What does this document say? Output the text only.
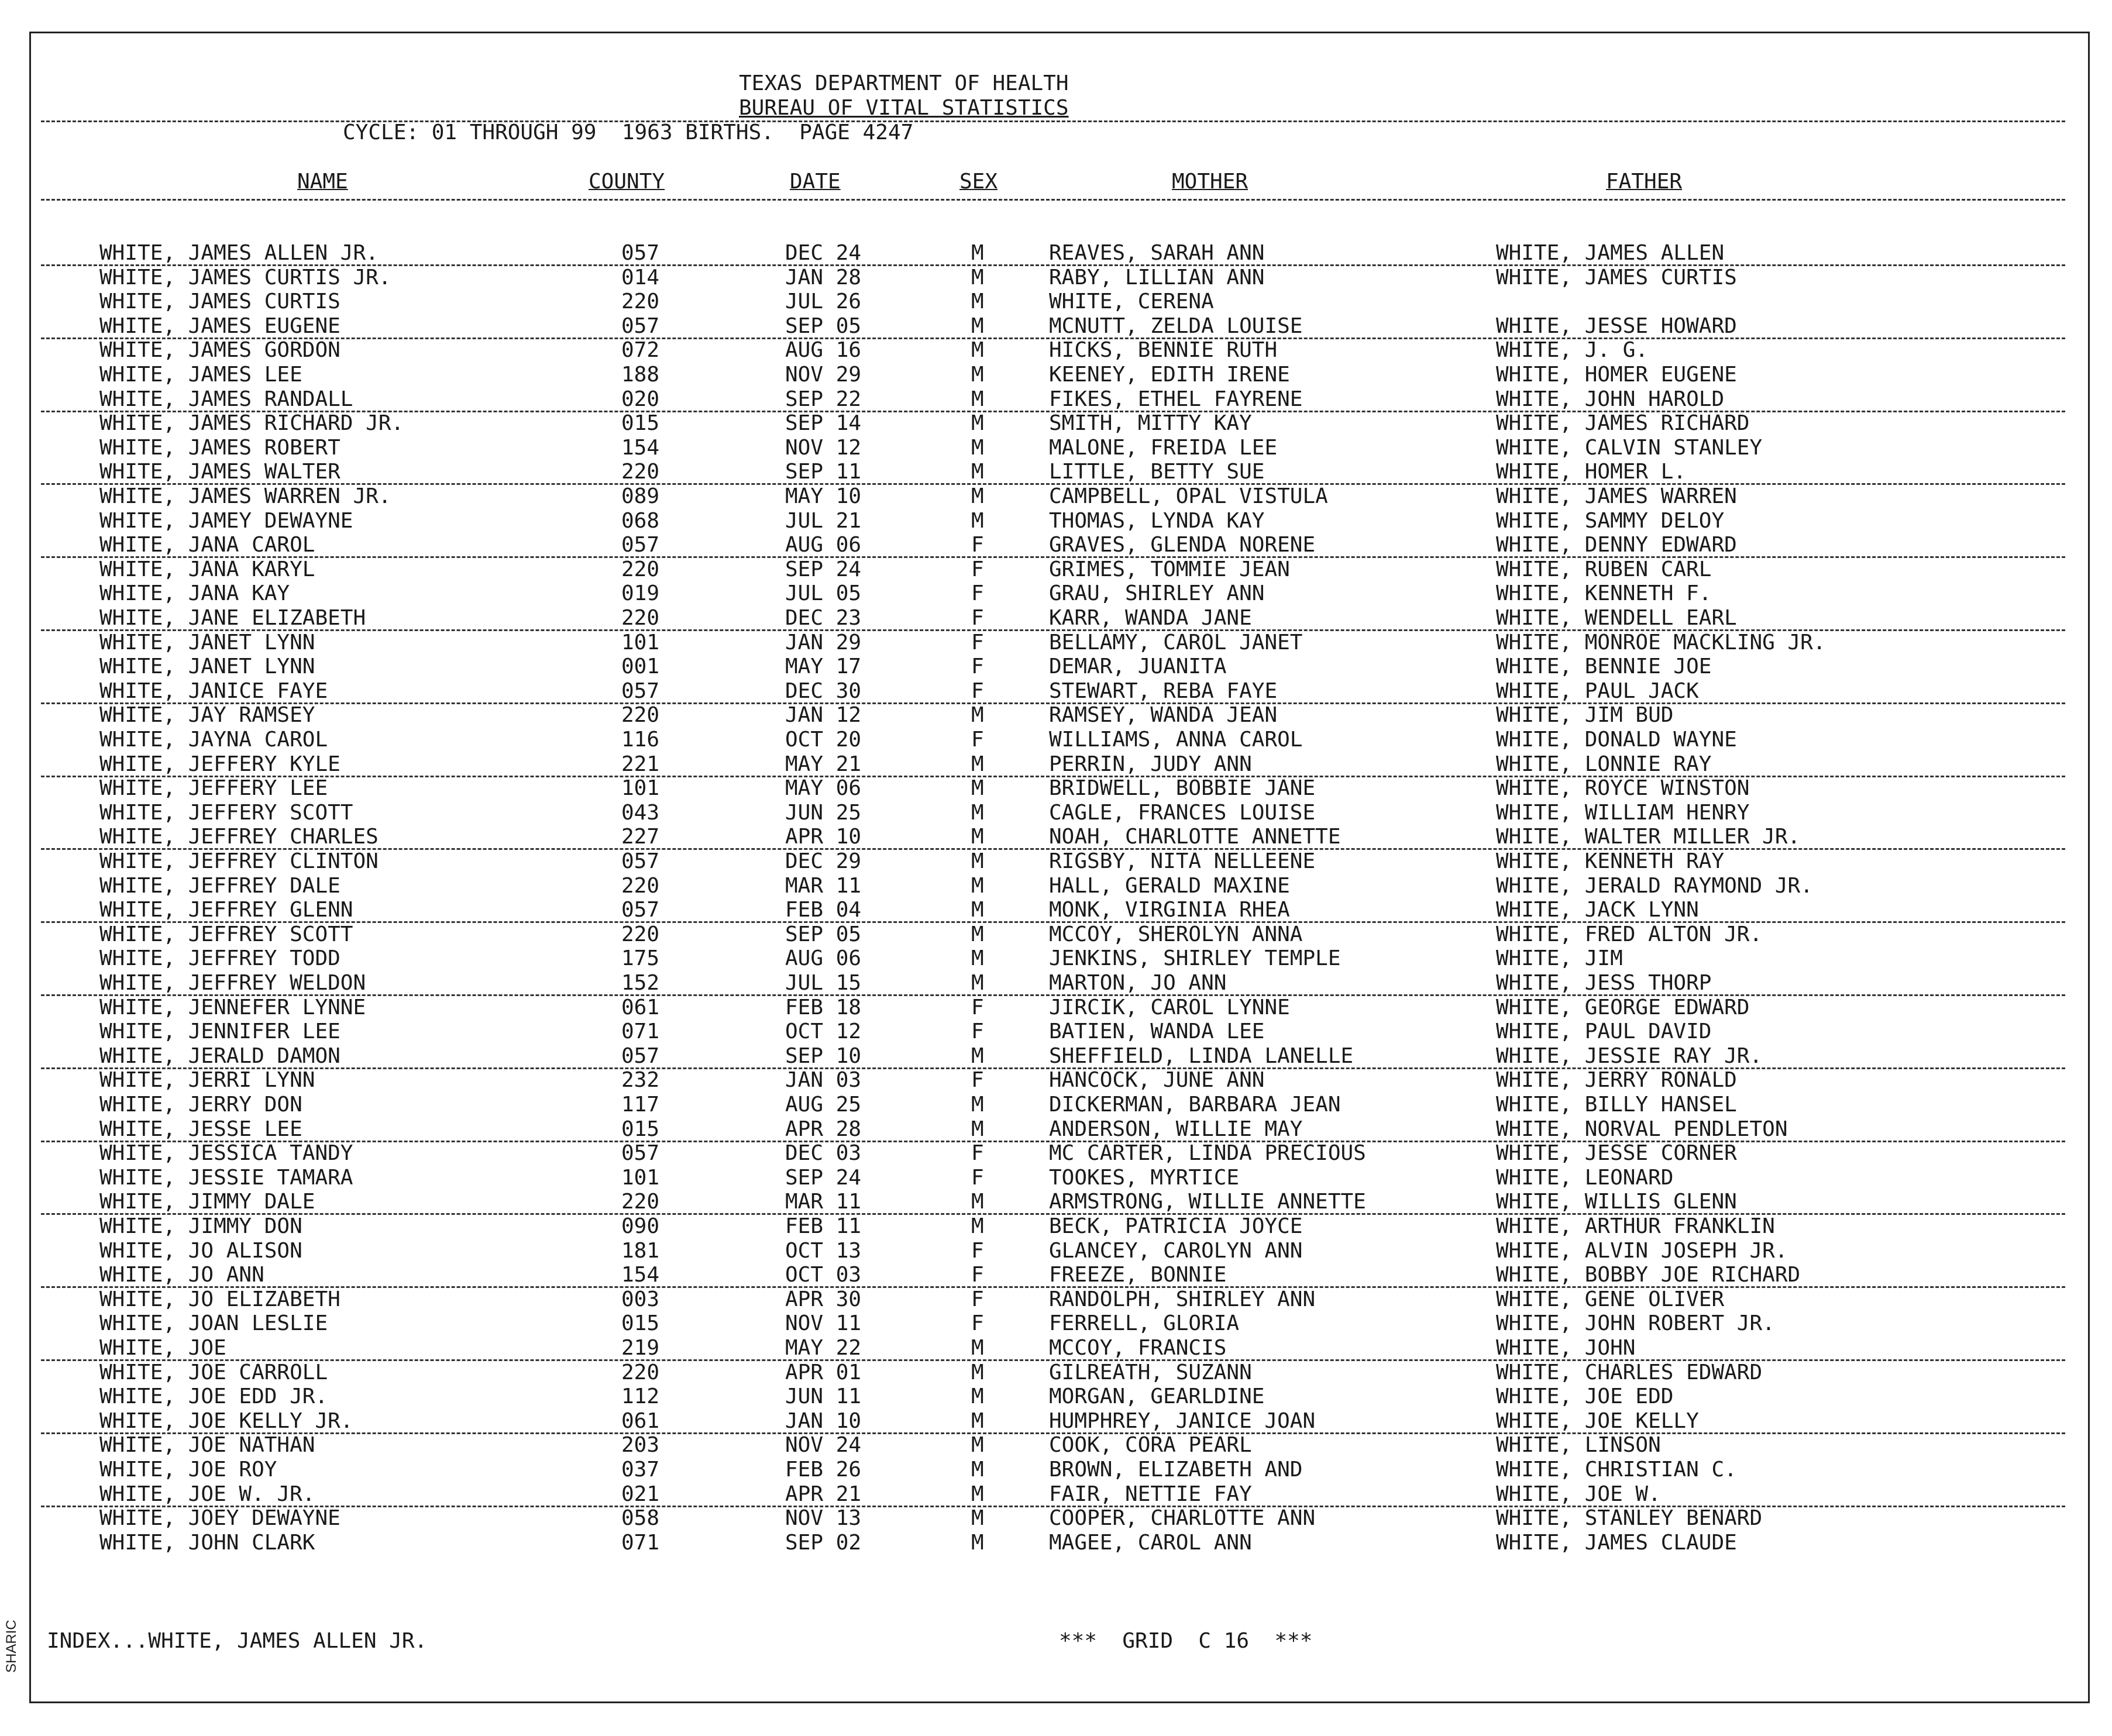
SHARIC
TEXAS DEPARTMENT OF HEALTH
BUREAU OF VITAL STATISTICS
CYCLE: 01 THROUGH 99  1963 BIRTHS.  PAGE 4247
NAME	COUNTY	DATE	SEX	MOTHER	FATHER
WHITE, JAMES ALLEN JR.	057	DEC 24	M	REAVES, SARAH ANN	WHITE, JAMES ALLEN
WHITE, JAMES CURTIS JR.	014	JAN 28	M	RABY, LILLIAN ANN	WHITE, JAMES CURTIS
WHITE, JAMES CURTIS	220	JUL 26	M	WHITE, CERENA
WHITE, JAMES EUGENE	057	SEP 05	M	MCNUTT, ZELDA LOUISE	WHITE, JESSE HOWARD
WHITE, JAMES GORDON	072	AUG 16	M	HICKS, BENNIE RUTH	WHITE, J. G.
WHITE, JAMES LEE	188	NOV 29	M	KEENEY, EDITH IRENE	WHITE, HOMER EUGENE
WHITE, JAMES RANDALL	020	SEP 22	M	FIKES, ETHEL FAYRENE	WHITE, JOHN HAROLD
WHITE, JAMES RICHARD JR.	015	SEP 14	M	SMITH, MITTY KAY	WHITE, JAMES RICHARD
WHITE, JAMES ROBERT	154	NOV 12	M	MALONE, FREIDA LEE	WHITE, CALVIN STANLEY
WHITE, JAMES WALTER	220	SEP 11	M	LITTLE, BETTY SUE	WHITE, HOMER L.
WHITE, JAMES WARREN JR.	089	MAY 10	M	CAMPBELL, OPAL VISTULA	WHITE, JAMES WARREN
WHITE, JAMEY DEWAYNE	068	JUL 21	M	THOMAS, LYNDA KAY	WHITE, SAMMY DELOY
WHITE, JANA CAROL	057	AUG 06	F	GRAVES, GLENDA NORENE	WHITE, DENNY EDWARD
WHITE, JANA KARYL	220	SEP 24	F	GRIMES, TOMMIE JEAN	WHITE, RUBEN CARL
WHITE, JANA KAY	019	JUL 05	F	GRAU, SHIRLEY ANN	WHITE, KENNETH F.
WHITE, JANE ELIZABETH	220	DEC 23	F	KARR, WANDA JANE	WHITE, WENDELL EARL
WHITE, JANET LYNN	101	JAN 29	F	BELLAMY, CAROL JANET	WHITE, MONROE MACKLING JR.
WHITE, JANET LYNN	001	MAY 17	F	DEMAR, JUANITA	WHITE, BENNIE JOE
WHITE, JANICE FAYE	057	DEC 30	F	STEWART, REBA FAYE	WHITE, PAUL JACK
WHITE, JAY RAMSEY	220	JAN 12	M	RAMSEY, WANDA JEAN	WHITE, JIM BUD
WHITE, JAYNA CAROL	116	OCT 20	F	WILLIAMS, ANNA CAROL	WHITE, DONALD WAYNE
WHITE, JEFFERY KYLE	221	MAY 21	M	PERRIN, JUDY ANN	WHITE, LONNIE RAY
WHITE, JEFFERY LEE	101	MAY 06	M	BRIDWELL, BOBBIE JANE	WHITE, ROYCE WINSTON
WHITE, JEFFERY SCOTT	043	JUN 25	M	CAGLE, FRANCES LOUISE	WHITE, WILLIAM HENRY
WHITE, JEFFREY CHARLES	227	APR 10	M	NOAH, CHARLOTTE ANNETTE	WHITE, WALTER MILLER JR.
WHITE, JEFFREY CLINTON	057	DEC 29	M	RIGSBY, NITA NELLEENE	WHITE, KENNETH RAY
WHITE, JEFFREY DALE	220	MAR 11	M	HALL, GERALD MAXINE	WHITE, JERALD RAYMOND JR.
WHITE, JEFFREY GLENN	057	FEB 04	M	MONK, VIRGINIA RHEA	WHITE, JACK LYNN
WHITE, JEFFREY SCOTT	220	SEP 05	M	MCCOY, SHEROLYN ANNA	WHITE, FRED ALTON JR.
WHITE, JEFFREY TODD	175	AUG 06	M	JENKINS, SHIRLEY TEMPLE	WHITE, JIM
WHITE, JEFFREY WELDON	152	JUL 15	M	MARTON, JO ANN	WHITE, JESS THORP
WHITE, JENNEFER LYNNE	061	FEB 18	F	JIRCIK, CAROL LYNNE	WHITE, GEORGE EDWARD
WHITE, JENNIFER LEE	071	OCT 12	F	BATIEN, WANDA LEE	WHITE, PAUL DAVID
WHITE, JERALD DAMON	057	SEP 10	M	SHEFFIELD, LINDA LANELLE	WHITE, JESSIE RAY JR.
WHITE, JERRI LYNN	232	JAN 03	F	HANCOCK, JUNE ANN	WHITE, JERRY RONALD
WHITE, JERRY DON	117	AUG 25	M	DICKERMAN, BARBARA JEAN	WHITE, BILLY HANSEL
WHITE, JESSE LEE	015	APR 28	M	ANDERSON, WILLIE MAY	WHITE, NORVAL PENDLETON
WHITE, JESSICA TANDY	057	DEC 03	F	MC CARTER, LINDA PRECIOUS	WHITE, JESSE CORNER
WHITE, JESSIE TAMARA	101	SEP 24	F	TOOKES, MYRTICE	WHITE, LEONARD
WHITE, JIMMY DALE	220	MAR 11	M	ARMSTRONG, WILLIE ANNETTE	WHITE, WILLIS GLENN
WHITE, JIMMY DON	090	FEB 11	M	BECK, PATRICIA JOYCE	WHITE, ARTHUR FRANKLIN
WHITE, JO ALISON	181	OCT 13	F	GLANCEY, CAROLYN ANN	WHITE, ALVIN JOSEPH JR.
WHITE, JO ANN	154	OCT 03	F	FREEZE, BONNIE	WHITE, BOBBY JOE RICHARD
WHITE, JO ELIZABETH	003	APR 30	F	RANDOLPH, SHIRLEY ANN	WHITE, GENE OLIVER
WHITE, JOAN LESLIE	015	NOV 11	F	FERRELL, GLORIA	WHITE, JOHN ROBERT JR.
WHITE, JOE	219	MAY 22	M	MCCOY, FRANCIS	WHITE, JOHN
WHITE, JOE CARROLL	220	APR 01	M	GILREATH, SUZANN	WHITE, CHARLES EDWARD
WHITE, JOE EDD JR.	112	JUN 11	M	MORGAN, GEARLDINE	WHITE, JOE EDD
WHITE, JOE KELLY JR.	061	JAN 10	M	HUMPHREY, JANICE JOAN	WHITE, JOE KELLY
WHITE, JOE NATHAN	203	NOV 24	M	COOK, CORA PEARL	WHITE, LINSON
WHITE, JOE ROY	037	FEB 26	M	BROWN, ELIZABETH AND	WHITE, CHRISTIAN C.
WHITE, JOE W. JR.	021	APR 21	M	FAIR, NETTIE FAY	WHITE, JOE W.
WHITE, JOEY DEWAYNE	058	NOV 13	M	COOPER, CHARLOTTE ANN	WHITE, STANLEY BENARD
WHITE, JOHN CLARK	071	SEP 02	M	MAGEE, CAROL ANN	WHITE, JAMES CLAUDE
INDEX...WHITE, JAMES ALLEN JR.	***  GRID  C 16  ***
